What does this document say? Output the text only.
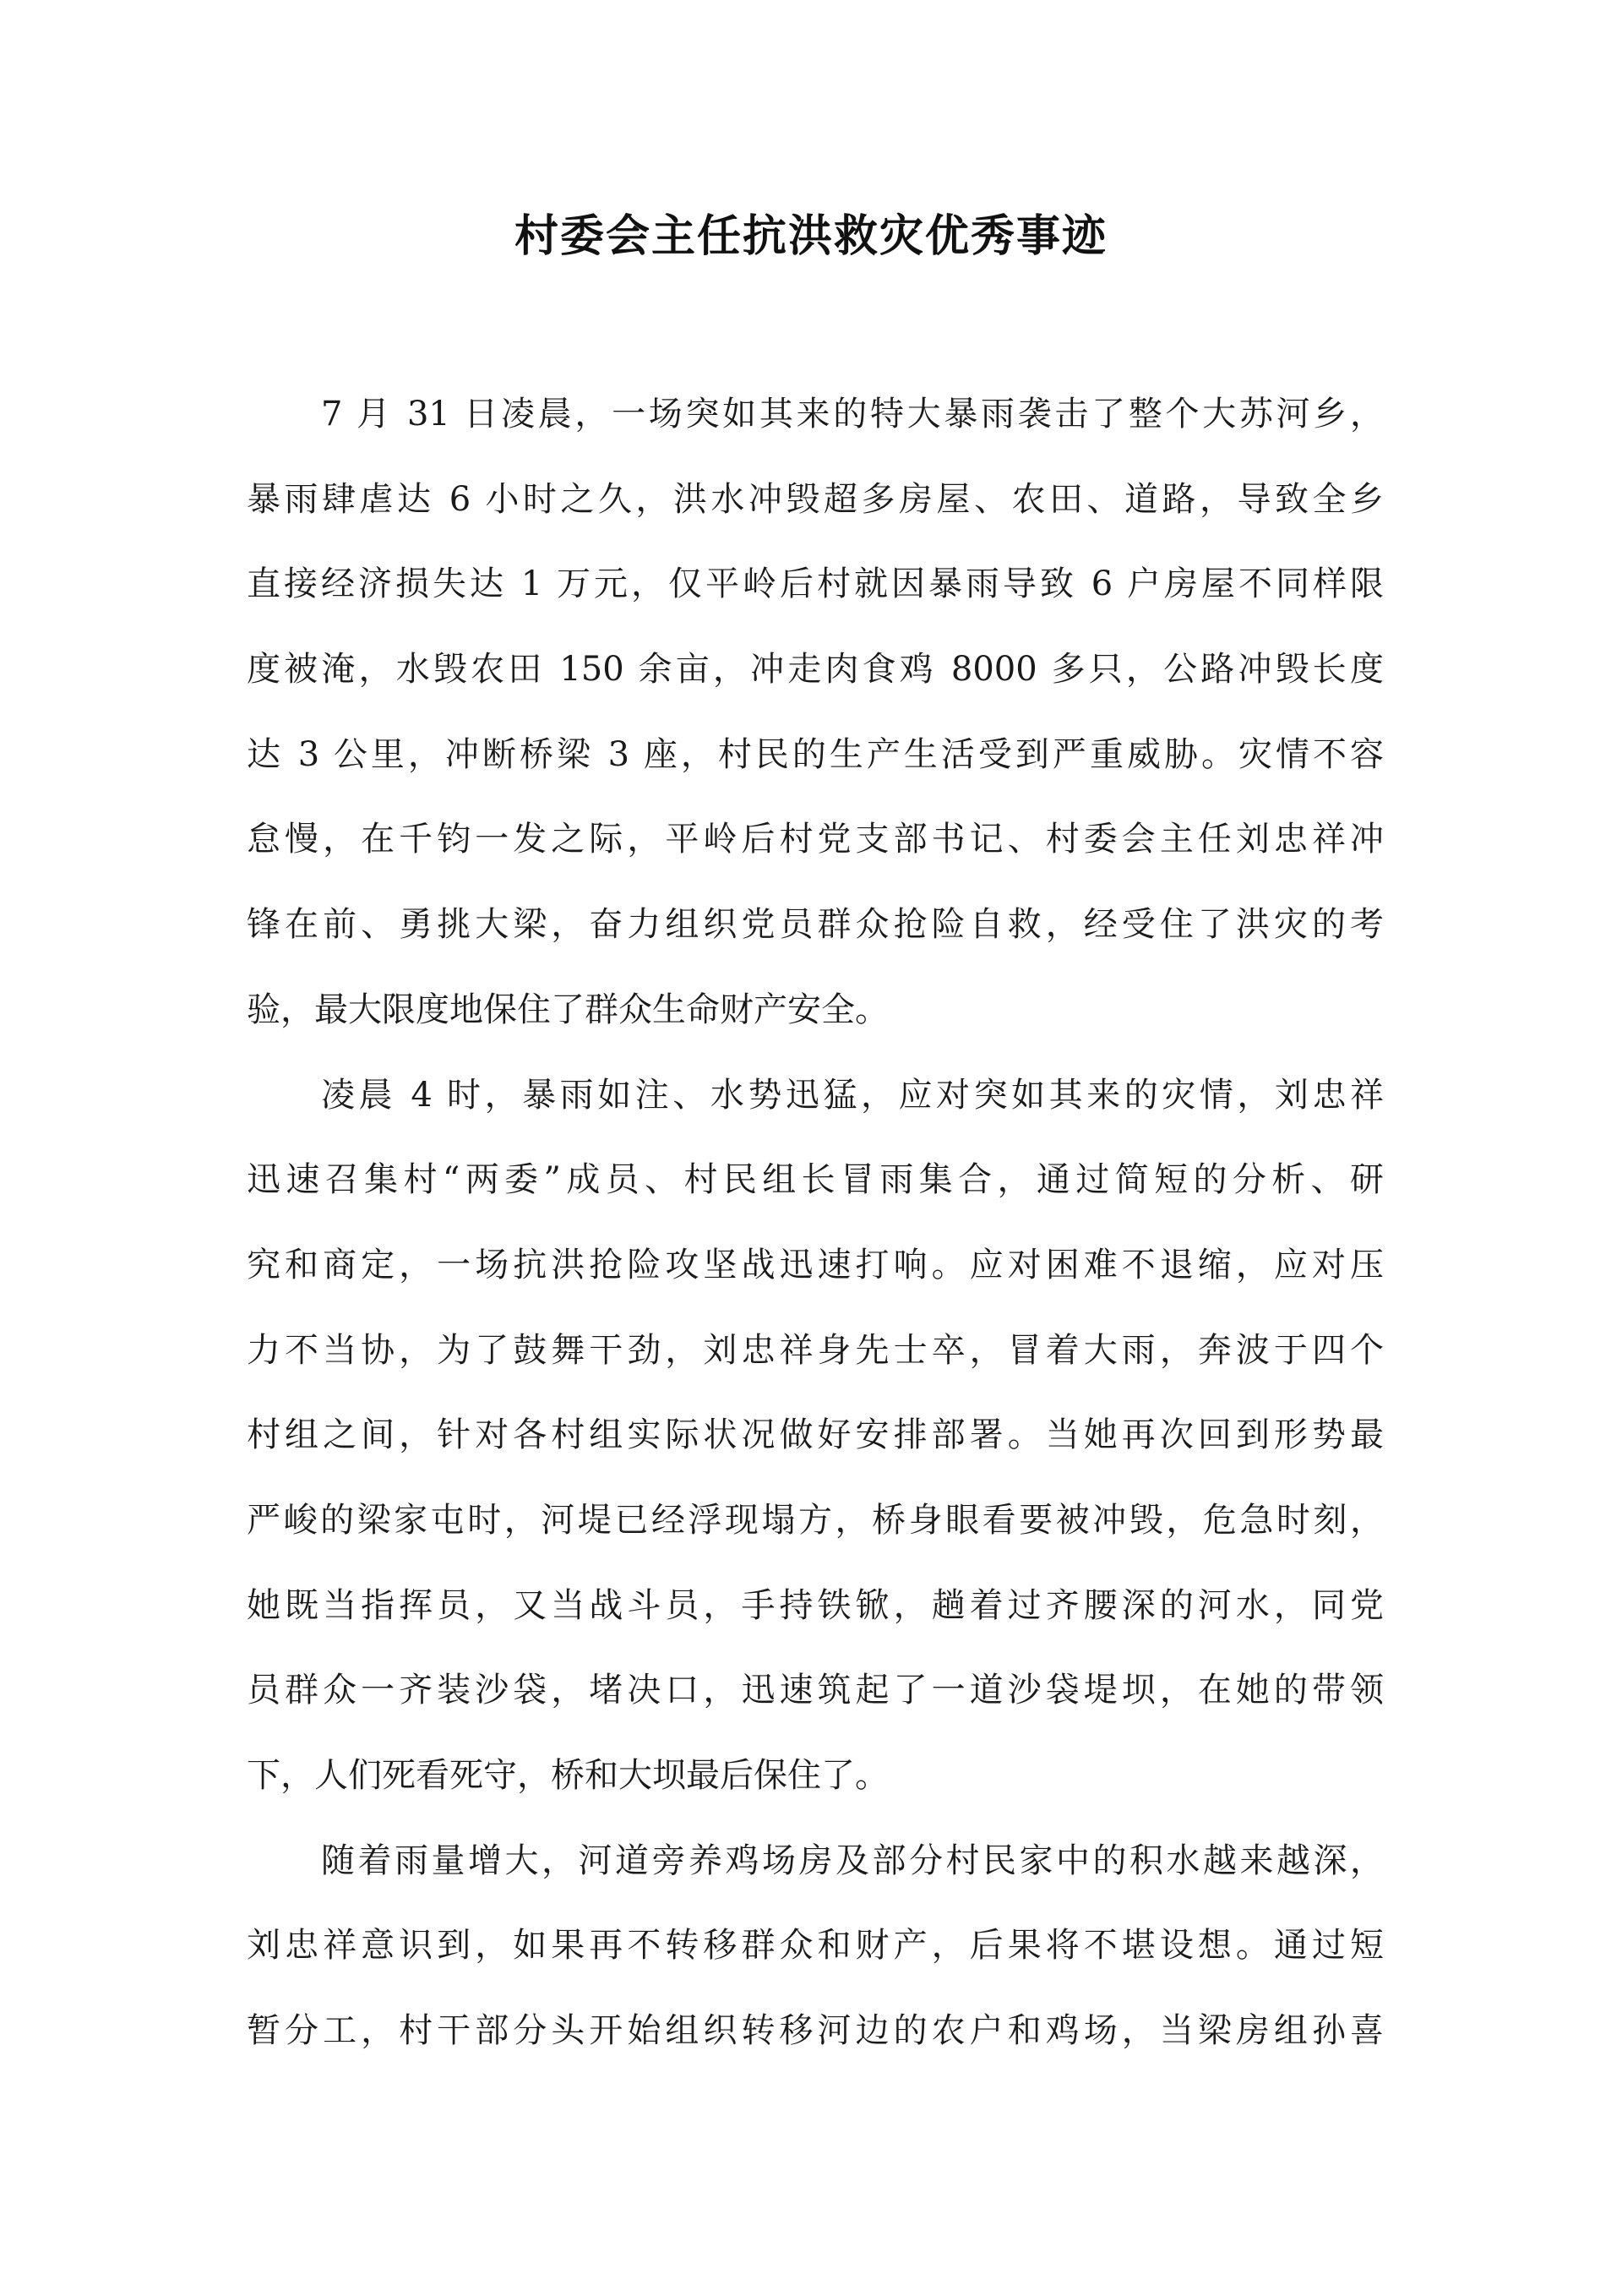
村委会主任抗洪救灾优秀事迹
7 月 31 日凌晨，一场突如其来的特大暴雨袭击了整个大苏河乡，
暴雨肆虐达 6 小时之久，洪水冲毁超多房屋、农田、道路，导致全乡
直接经济损失达 1 万元，仅平岭后村就因暴雨导致 6 户房屋不同样限
度被淹，水毁农田 150 余亩，冲走肉食鸡 8000 多只，公路冲毁长度
达 3 公里，冲断桥梁 3 座，村民的生产生活受到严重威胁。灾情不容
怠慢，在千钧一发之际，平岭后村党支部书记、村委会主任刘忠祥冲
锋在前、勇挑大梁，奋力组织党员群众抢险自救，经受住了洪灾的考
验，最大限度地保住了群众生命财产安全。
凌晨 4 时，暴雨如注、水势迅猛，应对突如其来的灾情，刘忠祥
迅速召集村“两委”成员、村民组长冒雨集合，通过简短的分析、研
究和商定，一场抗洪抢险攻坚战迅速打响。应对困难不退缩，应对压
力不当协，为了鼓舞干劲，刘忠祥身先士卒，冒着大雨，奔波于四个
村组之间，针对各村组实际状况做好安排部署。当她再次回到形势最
严峻的梁家屯时，河堤已经浮现塌方，桥身眼看要被冲毁，危急时刻，
她既当指挥员，又当战斗员，手持铁锨，趟着过齐腰深的河水，同党
员群众一齐装沙袋，堵决口，迅速筑起了一道沙袋堤坝，在她的带领
下，人们死看死守，桥和大坝最后保住了。
随着雨量增大，河道旁养鸡场房及部分村民家中的积水越来越深，
刘忠祥意识到，如果再不转移群众和财产，后果将不堪设想。通过短
暂分工，村干部分头开始组织转移河边的农户和鸡场，当梁房组孙喜
